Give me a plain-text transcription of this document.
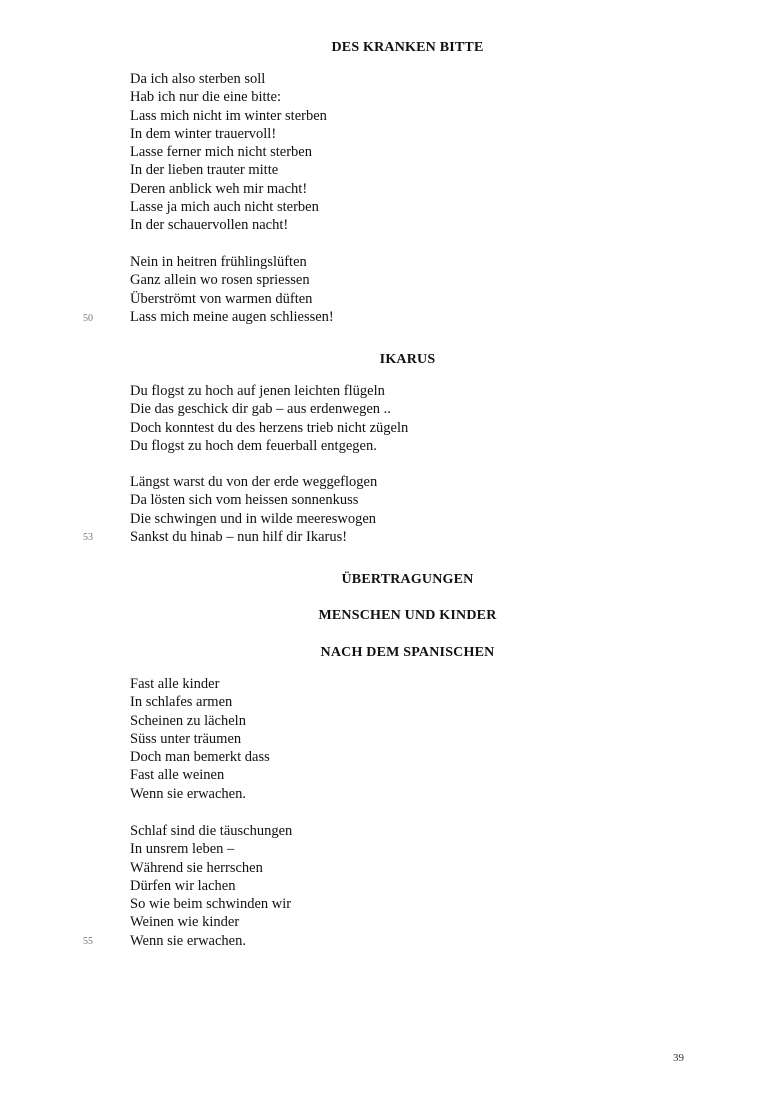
DES KRANKEN BITTE
Da ich also sterben soll
Hab ich nur die eine bitte:
Lass mich nicht im winter sterben
In dem winter trauervoll!
Lasse ferner mich nicht sterben
In der lieben trauter mitte
Deren anblick weh mir macht!
Lasse ja mich auch nicht sterben
In der schauervollen nacht!
Nein in heitren frühlingslüften
Ganz allein wo rosen spriessen
Überströmt von warmen düften
Lass mich meine augen schliessen!
50
IKARUS
Du flogst zu hoch auf jenen leichten flügeln
Die das geschick dir gab – aus erdenwegen ..
Doch konntest du des herzens trieb nicht zügeln
Du flogst zu hoch dem feuerball entgegen.
Längst warst du von der erde weggeflogen
Da lösten sich vom heissen sonnenkuss
Die schwingen und in wilde meereswogen
Sankst du hinab – nun hilf dir Ikarus!
53
ÜBERTRAGUNGEN
MENSCHEN UND KINDER
NACH DEM SPANISCHEN
Fast alle kinder
In schlafes armen
Scheinen zu lächeln
Süss unter träumen
Doch man bemerkt dass
Fast alle weinen
Wenn sie erwachen.
Schlaf sind die täuschungen
In unsrem leben –
Während sie herrschen
Dürfen wir lachen
So wie beim schwinden wir
Weinen wie kinder
Wenn sie erwachen.
55
39
